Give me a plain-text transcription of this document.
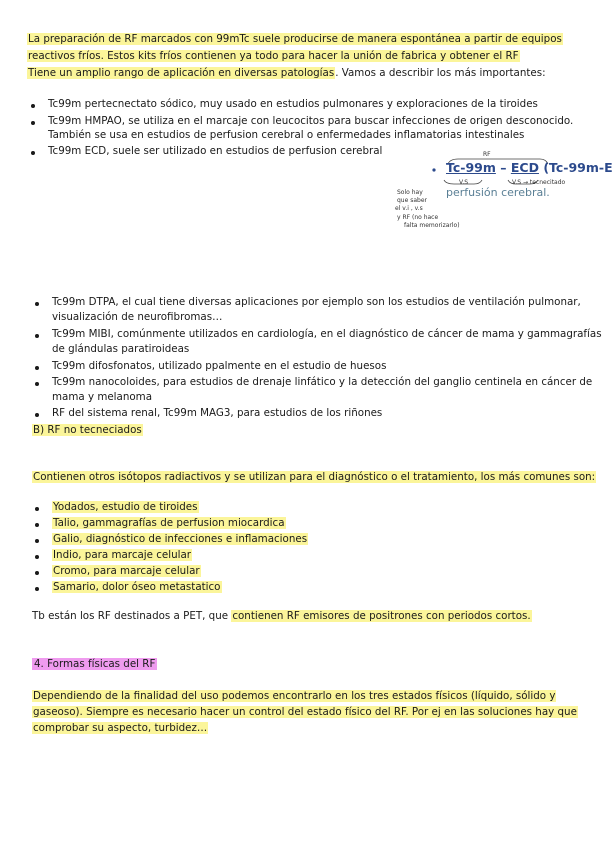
La preparación de RF marcados con 99mTc suele producirse de manera espontánea a partir de equipos
reactivos fríos. Estos kits fríos contienen ya todo para hacer la unión de fabrica y obtener el RF
Tiene un amplio rango de aplicación en diversas patologías. Vamos a describir los más importantes:
Tc99m pertecnectato sódico, muy usado en estudios pulmonares y exploraciones de la tiroides
Tc99m HMPAO, se utiliza en el marcaje con leucocitos para buscar infecciones de origen desconocido.
También se usa en estudios de perfusion cerebral o enfermedades inflamatorias intestinales
Tc99m ECD, suele ser utilizado en estudios de perfusion cerebral	RF
Tc-99m – ECD (Tc-99m-E
V.S	V.S → tecnecitado
perfusión cerebral.
Solo hay
que saber
el v.i , v.s
y RF (no hace
falta memorizarlo)
Tc99m DTPA, el cual tiene diversas aplicaciones por ejemplo son los estudios de ventilación pulmonar,
visualización de neurofibromas…
Tc99m MIBI, comúnmente utilizados en cardiología, en el diagnóstico de cáncer de mama y gammagrafías
de glándulas paratiroideas
Tc99m difosfonatos, utilizado ppalmente en el estudio de huesos
Tc99m nanocoloides, para estudios de drenaje linfático y la detección del ganglio centinela en cáncer de
mama y melanoma
RF del sistema renal, Tc99m MAG3, para estudios de los riñones
B) RF no tecneciados
Contienen otros isótopos radiactivos y se utilizan para el diagnóstico o el tratamiento, los más comunes son:
Yodados, estudio de tiroides
Talio, gammagrafías de perfusion miocardica
Galio, diagnóstico de infecciones e inflamaciones
Indio, para marcaje celular
Cromo, para marcaje celular
Samario, dolor óseo metastatico
Tb están los RF destinados a PET, que contienen RF emisores de positrones con periodos cortos.
4. Formas físicas del RF
Dependiendo de la finalidad del uso podemos encontrarlo en los tres estados físicos (líquido, sólido y
gaseoso). Siempre es necesario hacer un control del estado físico del RF. Por ej en las soluciones hay que
comprobar su aspecto, turbidez…
